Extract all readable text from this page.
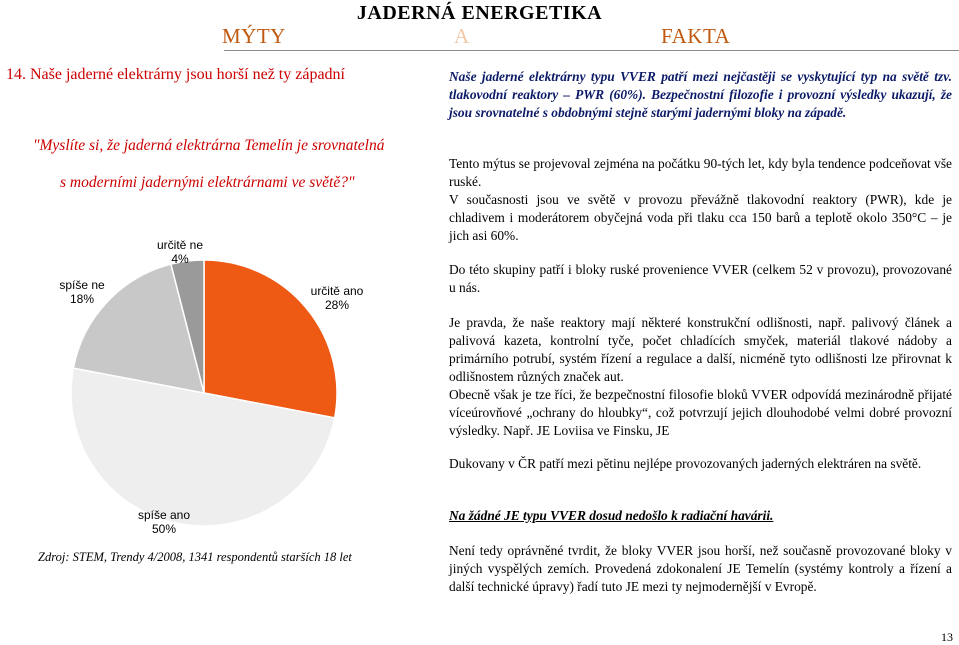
JADERNÁ ENERGETIKA
MÝTY	A	FAKTA
14. Naše jaderné elektrárny jsou horší než ty západní
"Myslíte si, že jaderná elektrárna Temelín je srovnatelná
s moderními jadernými elektrárnami ve světě?"
určitě ne
4%
spíše ne
18%
určitě ano
28%
spíše ano
50%
Zdroj: STEM, Trendy 4/2008, 1341 respondentů starších 18 let
Naše jaderné elektrárny typu VVER patří mezi nejčastěji se vyskytující typ na světě tzv. tlakovodní reaktory – PWR (60%). Bezpečnostní filozofie i provozní výsledky ukazují, že jsou srovnatelné s obdobnými stejně starými jadernými bloky na západě.

Tento mýtus se projevoval zejména na počátku 90-tých let, kdy byla tendence podceňovat vše ruské.

V současnosti jsou ve světě v provozu převážně tlakovodní reaktory (PWR), kde je chladivem i moderátorem obyčejná voda při tlaku cca 150 barů a teplotě okolo 350°C – je jich asi 60%.

Do této skupiny patří i bloky ruské provenience VVER (celkem 52 v provozu), provozované u nás.

Je pravda, že naše reaktory mají některé konstrukční odlišnosti, např. palivový článek a palivová kazeta, kontrolní tyče, počet chladících smyček, materiál tlakové nádoby a primárního potrubí, systém řízení a regulace a další, nicméně tyto odlišnosti lze přirovnat k odlišnostem různých značek aut.

Obecně však je tze říci, že bezpečnostní filosofie bloků VVER odpovídá mezinárodně přijaté víceúrovňové „ochrany do hloubky“, což potvrzují jejich dlouhodobé velmi dobré provozní výsledky. Např. JE Loviisa ve Finsku, JE

Dukovany v ČR patří mezi pětinu nejlépe provozovaných jaderných elektráren na světě.
Na žádné JE typu VVER dosud nedošlo k radiační havárii.
Není tedy oprávněné tvrdit, že bloky VVER jsou horší, než současně provozované bloky v jiných vyspělých zemích. Provedená zdokonalení JE Temelín (systémy kontroly a řízení a další technické úpravy) řadí tuto JE mezi ty nejmodernější v Evropě.
13
